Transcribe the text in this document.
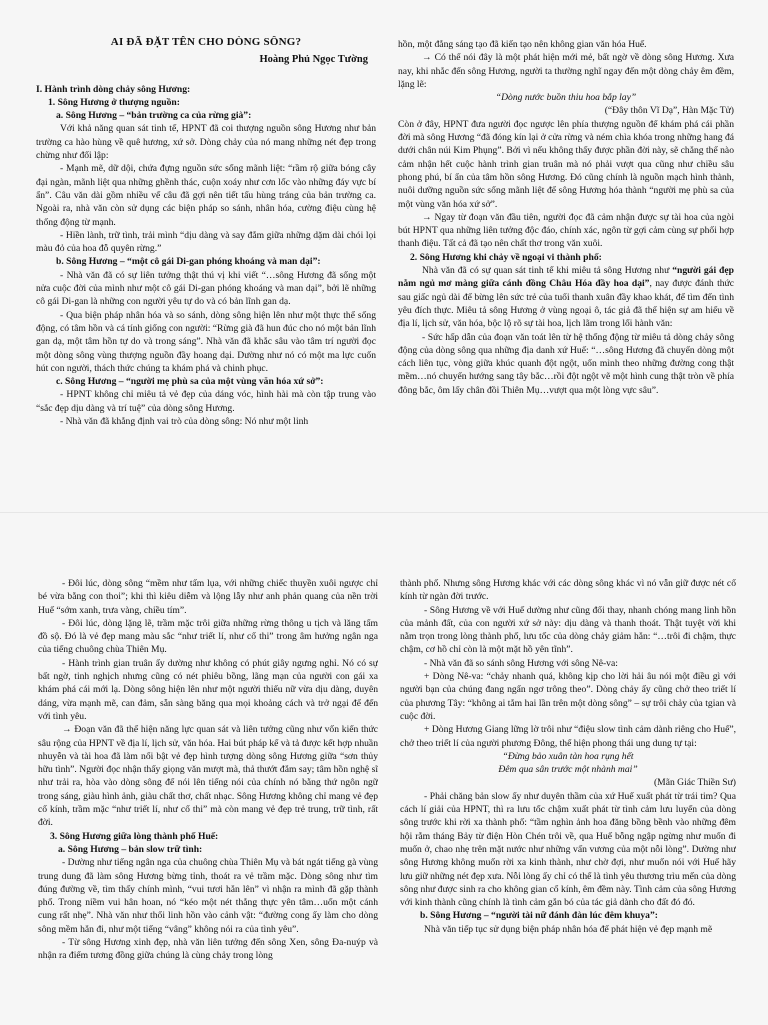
AI ĐÃ ĐẶT TÊN CHO DÒNG SÔNG?

Hoàng Phủ Ngọc Tường

I. Hành trình dòng chảy sông Hương:

1. Sông Hương ở thượng nguồn:

a. Sông Hương – “bản trường ca của rừng già”:

Với khả năng quan sát tinh tế, HPNT đã coi thượng nguồn sông Hương như bản trường ca hào hùng về quê hương, xứ sở. Dòng chảy của nó mang những nét đẹp trong chừng như đối lập:

- Mạnh mẽ, dữ dội, chứa đựng nguồn sức sống mãnh liệt: “rầm rộ giữa bóng cây đại ngàn, mãnh liệt qua những ghềnh thác, cuộn xoáy như cơn lốc vào những đáy vực bí ẩn”. Câu văn dài gồm nhiều vế câu đã gợi nên tiết tấu hùng tráng của bản trường ca. Ngoài ra, nhà văn còn sử dụng các biện pháp so sánh, nhân hóa, cường điệu cùng hệ thống động từ mạnh.

- Hiền lành, trữ tình, trải mình “dịu dàng và say đắm giữa những dặm dài chói lọi màu đỏ của hoa đỗ quyên rừng.”

b. Sông Hương – “một cô gái Di-gan phóng khoáng và man dại”:

- Nhà văn đã có sự liên tưởng thật thú vị khi viết “…sông Hương đã sống một nửa cuộc đời của mình như một cô gái Di-gan phóng khoáng và man dại”, bởi lẽ những cô gái Di-gan là những con người yêu tự do và có bản lĩnh gan dạ.

- Qua biện pháp nhân hóa và so sánh, dòng sông hiện lên như một thực thể sống động, có tâm hồn và cá tính giống con người: “Rừng già đã hun đúc cho nó một bản lĩnh gan dạ, một tâm hồn tự do và trong sáng”. Nhà văn đã khắc sâu vào tâm trí người đọc một dòng sông vùng thượng nguồn đầy hoang dại. Dường như nó có một ma lực cuốn hút con người, thách thức chúng ta khám phá và chinh phục.

c. Sông Hương – “người mẹ phù sa của một vùng văn hóa xứ sở”:

- HPNT không chỉ miêu tả vẻ đẹp của dáng vóc, hình hài mà còn tập trung vào “sắc đẹp dịu dàng và trí tuệ” của dòng sông Hương.

- Nhà văn đã khẳng định vai trò của dòng sông: Nó như một linh

hồn, một đẳng sáng tạo đã kiến tạo nên không gian văn hóa Huế.

→ Có thể nói đây là một phát hiện mới mẻ, bất ngờ về dòng sông Hương. Xưa nay, khi nhắc đến sông Hương, người ta thường nghĩ ngay đến một dòng chảy êm đềm, lặng lẽ:

“Dòng nước buồn thiu hoa bắp lay”

(“Đây thôn Vĩ Dạ”, Hàn Mặc Tử)

Còn ở đây, HPNT đưa người đọc ngược lên phía thượng nguồn để khám phá cái phần đời mà sông Hương “đã đóng kín lại ở cửa rừng và ném chìa khóa trong những hang đá dưới chân núi Kim Phụng”. Bởi vì nếu không thấy được phần đời này, sẽ chẳng thể nào cảm nhận hết cuộc hành trình gian truân mà nó phải vượt qua cũng như chiều sâu phong phú, bí ẩn của tâm hồn sông Hương. Đó cũng chính là nguồn mạch hình thành, nuôi dưỡng nguồn sức sống mãnh liệt để sông Hương hóa thành “người mẹ phù sa của một vùng văn hóa xứ sở”.

→ Ngay từ đoạn văn đầu tiên, người đọc đã cảm nhận được sự tài hoa của ngòi bút HPNT qua những liên tưởng độc đáo, chính xác, ngôn từ gợi cảm cùng sự phối hợp thanh điệu. Tất cả đã tạo nên chất thơ trong văn xuôi.

2. Sông Hương khi chảy về ngoại vi thành phố:

Nhà văn đã có sự quan sát tinh tế khi miêu tả sông Hương như “người gái đẹp nằm ngủ mơ màng giữa cánh đồng Châu Hóa đầy hoa dại”, nay được đánh thức sau giấc ngủ dài để bừng lên sức trẻ của tuổi thanh xuân đầy khao khát, để tìm đến tình yêu đích thực. Miêu tả sông Hương ở vùng ngoại ô, tác giả đã thể hiện sự am hiểu về địa lí, lịch sử, văn hóa, bộc lộ rõ sự tài hoa, lịch lãm trong lối hành văn:

- Sức hấp dẫn của đoạn văn toát lên từ hệ thống động từ miêu tả dòng chảy sông động của dòng sông qua những địa danh xứ Huế: “…sông Hương đã chuyển dòng một cách liên tục, vòng giữa khúc quanh đột ngột, uốn mình theo những đường cong thật mềm…nó chuyển hướng sang tây bắc…rồi đột ngột vẽ một hình cung thật tròn về phía đông bắc, ôm lấy chân đồi Thiên Mụ…vượt qua một lòng vực sâu”.

- Đôi lúc, dòng sông “mềm như tấm lụa, với những chiếc thuyền xuôi ngược chỉ bé vừa bằng con thoi”; khi thì kiêu diễm và lộng lẫy như anh phản quang của nền trời Huế “sớm xanh, trưa vàng, chiều tím”.

- Đôi lúc, dòng lặng lẽ, trầm mặc trôi giữa những rừng thông u tịch và lăng tẩm đồ sộ. Đó là vẻ đẹp mang màu sắc “như triết lí, như cổ thi” trong âm hưởng ngân nga của tiếng chuông chùa Thiên Mụ.

- Hành trình gian truân ấy dường như không có phút giây ngưng nghỉ. Nó có sự bất ngờ, tinh nghịch nhưng cũng có nét phiêu bồng, lãng mạn của người con gái xa khám phá cái mới lạ. Dòng sông hiện lên như một người thiếu nữ vừa dịu dàng, duyên dáng, vừa mạnh mẽ, can đảm, sẵn sàng băng qua mọi khoảng cách và trở ngại để đến với tình yêu.

→ Đoạn văn đã thể hiện năng lực quan sát và liên tưởng cũng như vốn kiến thức sâu rộng của HPNT về địa lí, lịch sử, văn hóa. Hai bút pháp kể và tả được kết hợp nhuần nhuyễn và tài hoa đã làm nổi bật vẻ đẹp hình tượng dòng sông Hương giữa “sơn thủy hữu tình”. Người đọc nhận thấy giọng văn mượt mà, thả thướt đắm say; tâm hồn nghệ sĩ như trải ra, hòa vào dòng sông để nói lên tiếng nói của chính nó bằng thứ ngôn ngữ trong sáng, giàu hình ảnh, giàu chất thơ, chất nhạc. Sông Hương không chỉ mang vẻ đẹp cổ kính, trầm mặc “như triết lí, như cổ thi” mà còn mang vẻ đẹp trẻ trung, trữ tình, rất đời.

3. Sông Hương giữa lòng thành phố Huế:

a. Sông Hương – bản slow trữ tình:

- Dường như tiếng ngân nga của chuông chùa Thiên Mụ và bát ngát tiếng gà vùng trung dung đã làm sông Hương bừng tỉnh, thoát ra vẻ trầm mặc. Dòng sông như tìm đúng đường về, tìm thấy chính mình, “vui tươi hẳn lên” vì nhận ra mình đã gặp thành phố. Trong niềm vui hân hoan, nó “kéo một nét thẳng thực yên tâm…uốn một cánh cung rất nhẹ”. Nhà văn như thổi linh hồn vào cảnh vật: “đường cong ấy làm cho dòng sông mềm hẳn đi, như một tiếng “vâng” không nói ra của tình yêu”.

- Từ sông Hương xinh đẹp, nhà văn liên tưởng đến sông Xen, sông Đa-nuýp và nhận ra điểm tương đồng giữa chúng là cùng chảy trong lòng

thành phố. Nhưng sông Hương khác với các dòng sông khác vì nó vẫn giữ được nét cổ kính từ ngàn đời trước.

- Sông Hương về với Huế dường như cũng đổi thay, nhanh chóng mang linh hồn của mảnh đất, của con người xứ sở này: dịu dàng và thanh thoát. Thật tuyệt vời khi nằm trọn trong lòng thành phố, lưu tốc của dòng chảy giảm hẳn: “…trôi đi chậm, thực chậm, cơ hồ chỉ còn là một mặt hồ yên tĩnh”.

- Nhà văn đã so sánh sông Hương với sông Nê-va:

+ Dòng Nê-va: “chảy nhanh quá, không kịp cho lời hải âu nói một điều gì với người bạn của chúng đang ngẩn ngơ trông theo”. Dòng chảy ấy cũng chở theo triết lí của phương Tây: “không ai tắm hai lần trên một dòng sông” – sự trôi chảy của tgian và cuộc đời.

+ Dòng Hương Giang lững lờ trôi như “điệu slow tình cảm dành riêng cho Huế”, chở theo triết lí của người phương Đông, thể hiện phong thái ung dung tự tại:

“Đừng bảo xuân tàn hoa rụng hết

Đêm qua sân trước một nhành mai”

(Mãn Giác Thiền Sư)

- Phải chăng bản slow ấy như duyên thầm của xứ Huế xuất phát từ trái tim? Qua cách lí giải của HPNT, thì ra lưu tốc chậm xuất phát từ tình cảm lưu luyến của dòng sông trước khi rời xa thành phố: “tầm nghìn ảnh hoa đăng bồng bềnh vào những đêm hội rằm tháng Bảy từ điện Hòn Chén trôi về, qua Huế bỗng ngập ngừng như muốn đi muốn ở, chao nhẹ trên mặt nước như những vấn vương của một nỗi lòng”. Dường như sông Hương không muốn rời xa kinh thành, như chờ đợi, như muốn nói với Huế hãy lưu giữ những nét đẹp xưa. Nỗi lòng ấy chỉ có thể là tình yêu thương trìu mến của dòng sông như được sinh ra cho không gian cổ kính, êm đềm này. Tình cảm của sông Hương với kinh thành cũng chính là tình cảm gắn bó của tác giả dành cho đất đó đó.

b. Sông Hương – “người tài nữ đánh đàn lúc đêm khuya”:

Nhà văn tiếp tục sử dụng biện pháp nhân hóa để phát hiện vẻ đẹp mạnh mẽ
